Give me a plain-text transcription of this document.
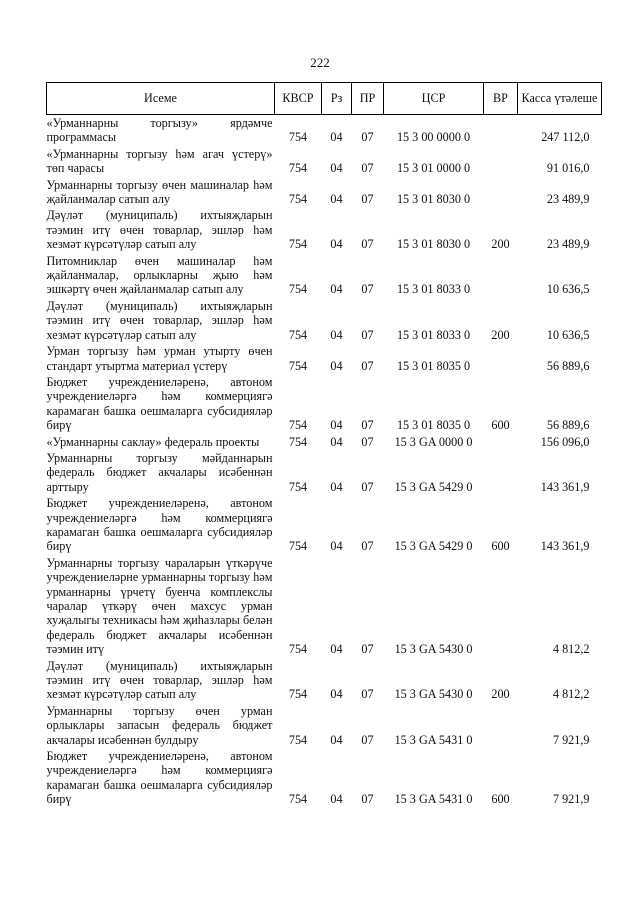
222
Исеме	КВСР	Рз	ПР	ЦСР	ВР	Касса үтәлеше
«Урманнарны торгызу» ярдәмче программасы	754	04	07	15 3 00 0000 0		247 112,0
«Урманнарны торгызу һәм агач үстерү» төп чарасы	754	04	07	15 3 01 0000 0		91 016,0
Урманнарны торгызу өчен машиналар һәм җайланмалар сатып алу	754	04	07	15 3 01 8030 0		23 489,9
Дәүләт (муниципаль) ихтыяҗларын тәэмин итү өчен товарлар, эшләр һәм хезмәт күрсәтүләр сатып алу	754	04	07	15 3 01 8030 0	200	23 489,9
Питомниклар өчен машиналар һәм җайланмалар, орлыкларны җыю һәм эшкәртү өчен җайланмалар сатып алу	754	04	07	15 3 01 8033 0		10 636,5
Дәүләт (муниципаль) ихтыяҗларын тәэмин итү өчен товарлар, эшләр һәм хезмәт күрсәтүләр сатып алу	754	04	07	15 3 01 8033 0	200	10 636,5
Урман торгызу һәм урман утырту өчен стандарт утыртма материал үстерү	754	04	07	15 3 01 8035 0		56 889,6
Бюджет учреждениеләренә, автоном учреждениеләргә һәм коммерциягә карамаган башка оешмаларга субсидияләр бирү	754	04	07	15 3 01 8035 0	600	56 889,6
«Урманнарны саклау» федераль проекты	754	04	07	15 3 GA 0000 0		156 096,0
Урманнарны торгызу мәйданнарын федераль бюджет акчалары исәбеннән арттыру	754	04	07	15 3 GA 5429 0		143 361,9
Бюджет учреждениеләренә, автоном учреждениеләргә һәм коммерциягә карамаган башка оешмаларга субсидияләр бирү	754	04	07	15 3 GA 5429 0	600	143 361,9
Урманнарны торгызу чараларын үткәрүче учреждениеләрне урманнарны торгызу һәм урманнарны үрчетү буенча комплекслы чаралар үткәрү өчен махсус урман хуҗалыгы техникасы һәм җиһазлары белән федераль бюджет акчалары исәбеннән тәэмин итү	754	04	07	15 3 GA 5430 0		4 812,2
Дәүләт (муниципаль) ихтыяҗларын тәэмин итү өчен товарлар, эшләр һәм хезмәт күрсәтүләр сатып алу	754	04	07	15 3 GA 5430 0	200	4 812,2
Урманнарны торгызу өчен урман орлыклары запасын федераль бюджет акчалары исәбеннән булдыру	754	04	07	15 3 GA 5431 0		7 921,9
Бюджет учреждениеләренә, автоном учреждениеләргә һәм коммерциягә карамаган башка оешмаларга субсидияләр бирү	754	04	07	15 3 GA 5431 0	600	7 921,9
